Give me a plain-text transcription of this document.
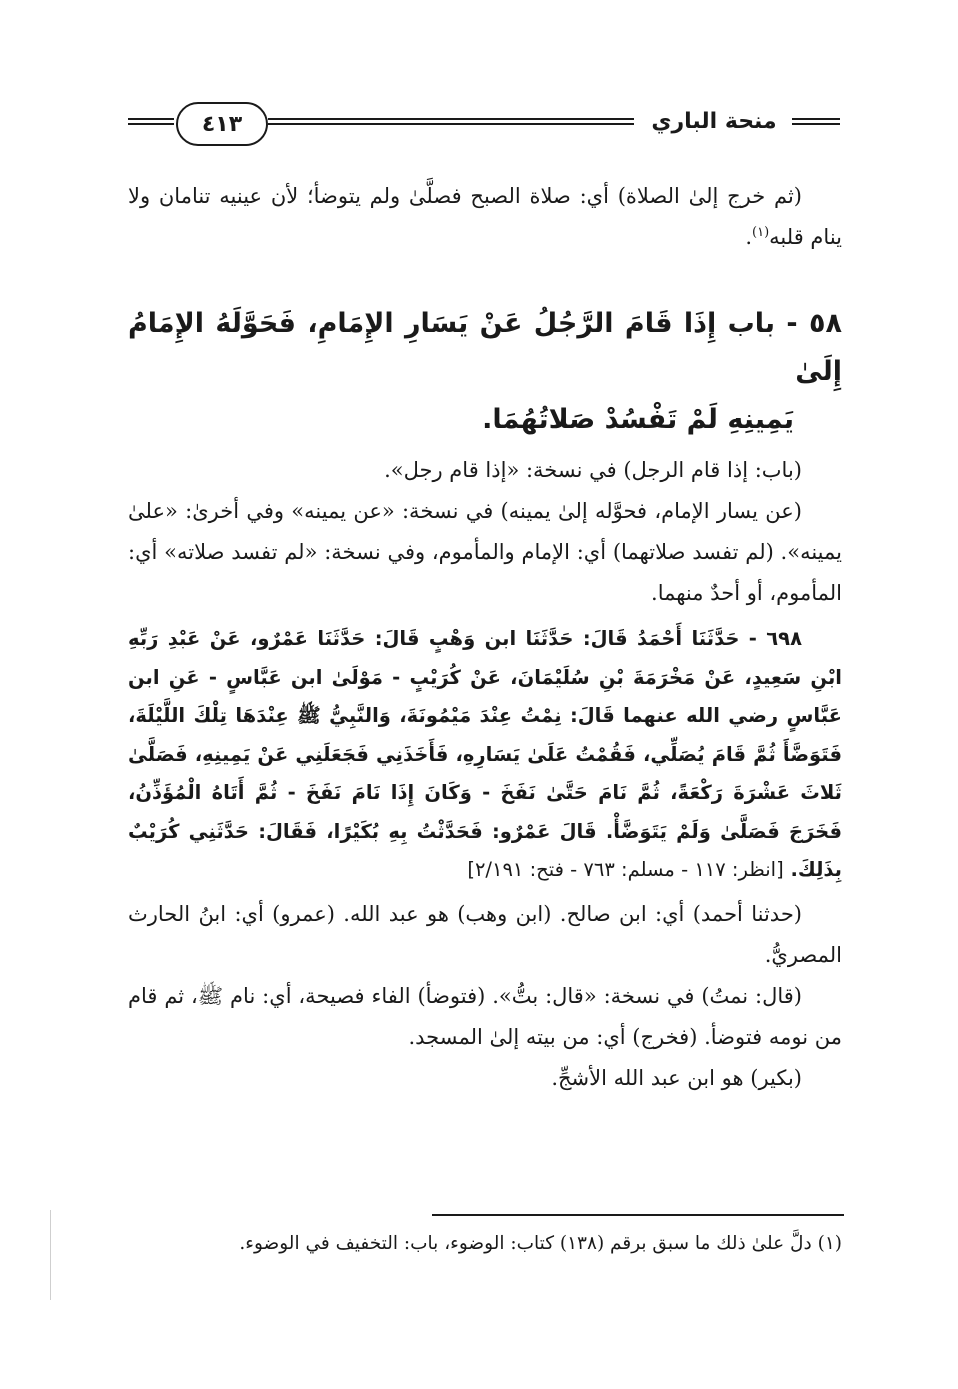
٤١٣	منحة الباري

(ثم خرج إلىٰ الصلاة) أي: صلاة الصبح فصلَّىٰ ولم يتوضأ؛ لأن عينيه تنامان ولا ينام قلبه$^{(١)}$.

٥٨ - باب إِذَا قَامَ الرَّجُلُ عَنْ يَسَارِ الإِمَامِ، فَحَوَّلَهُ الإِمَامُ إِلَىٰ
يَمِينِهِ لَمْ تَفْسُدْ صَلاتُهُمَا.

(باب: إذا قام الرجل) في نسخة: «إذا قام رجل».

(عن يسار الإمام، فحوَّله إلىٰ يمينه) في نسخة: «عن يمينه» وفي أخرىٰ: «علىٰ يمينه». (لم تفسد صلاتهما) أي: الإمام والمأموم، وفي نسخة: «لم تفسد صلاته» أي: المأموم، أو أحدٌ منهما.

٦٩٨ - حَدَّثَنَا أَحْمَدُ قَالَ: حَدَّثَنَا ابن وَهْبٍ قَالَ: حَدَّثَنَا عَمْرٌو، عَنْ عَبْدِ رَبِّهِ ابْنِ سَعِيدٍ، عَنْ مَخْرَمَةَ بْنِ سُلَيْمَانَ، عَنْ كُرَيْبٍ - مَوْلَىٰ ابن عَبَّاسٍ - عَنِ ابن عَبَّاسٍ رضي الله عنهما قَالَ: نِمْتُ عِنْدَ مَيْمُونَةَ، وَالنَّبِيُّ ﷺ عِنْدَهَا تِلْكَ اللَّيْلَةَ، فَتَوَضَّأَ ثُمَّ قَامَ يُصَلِّي، فَقُمْتُ عَلَىٰ يَسَارِهِ، فَأَخَذَنِي فَجَعَلَنِي عَنْ يَمِينِهِ، فَصَلَّىٰ ثَلاثَ عَشْرَةَ رَكْعَةً، ثُمَّ نَامَ حَتَّىٰ نَفَخَ - وَكَانَ إِذَا نَامَ نَفَخَ - ثُمَّ أَتَاهُ الْمُؤَذِّنُ، فَخَرَجَ فَصَلَّىٰ وَلَمْ يَتَوَضَّأْ. قَالَ عَمْرٌو: فَحَدَّثْتُ بِهِ بُكَيْرًا، فَقَالَ: حَدَّثَنِي كُرَيْبٌ بِذَلِكَ. [انظر: ١١٧ - مسلم: ٧٦٣ - فتح: ٢/١٩١]

(حدثنا أحمد) أي: ابن صالح. (ابن وهب) هو عبد الله. (عمرو) أي: ابنُ الحارث المصريُّ.

(قال: نمتُ) في نسخة: «قال: بتُّ». (فتوضأ) الفاء فصيحة، أي: نام ﷺ، ثم قام من نومه فتوضأ. (فخرج) أي: من بيته إلىٰ المسجد.

(بكير) هو ابن عبد الله الأشجِّ.

(١) دلَّ علىٰ ذلك ما سبق برقم (١٣٨) كتاب: الوضوء، باب: التخفيف في الوضوء.
